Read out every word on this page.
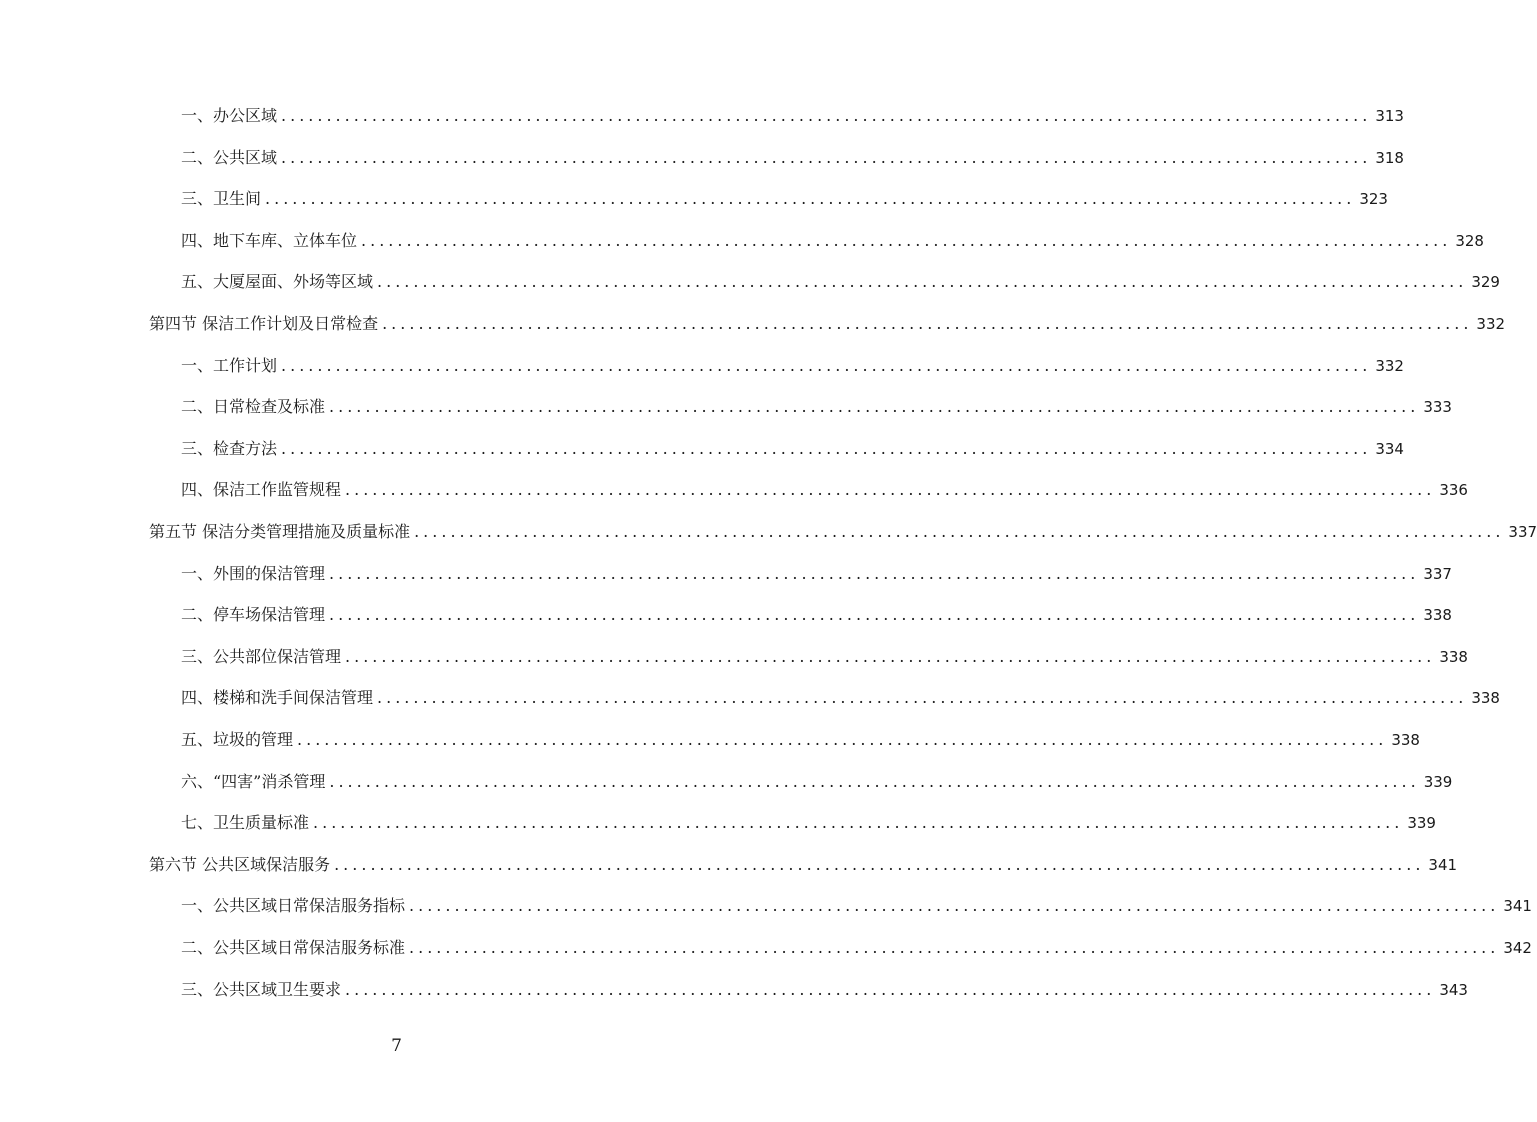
一、办公区域 ........................................................................................................................ 313
二、公共区域 ........................................................................................................................ 318
三、卫生间 ........................................................................................................................ 323
四、地下车库、立体车位 ........................................................................................................................ 328
五、大厦屋面、外场等区域 ........................................................................................................................ 329
第四节 保洁工作计划及日常检查 ........................................................................................................................ 332
一、工作计划 ........................................................................................................................ 332
二、日常检查及标准 ........................................................................................................................ 333
三、检查方法 ........................................................................................................................ 334
四、保洁工作监管规程 ........................................................................................................................ 336
第五节 保洁分类管理措施及质量标准 ........................................................................................................................ 337
一、外围的保洁管理 ........................................................................................................................ 337
二、停车场保洁管理 ........................................................................................................................ 338
三、公共部位保洁管理 ........................................................................................................................ 338
四、楼梯和洗手间保洁管理 ........................................................................................................................ 338
五、垃圾的管理 ........................................................................................................................ 338
六、“四害”消杀管理 ........................................................................................................................ 339
七、卫生质量标准 ........................................................................................................................ 339
第六节 公共区域保洁服务 ........................................................................................................................ 341
一、公共区域日常保洁服务指标 ........................................................................................................................ 341
二、公共区域日常保洁服务标准 ........................................................................................................................ 342
三、公共区域卫生要求 ........................................................................................................................ 343
7
